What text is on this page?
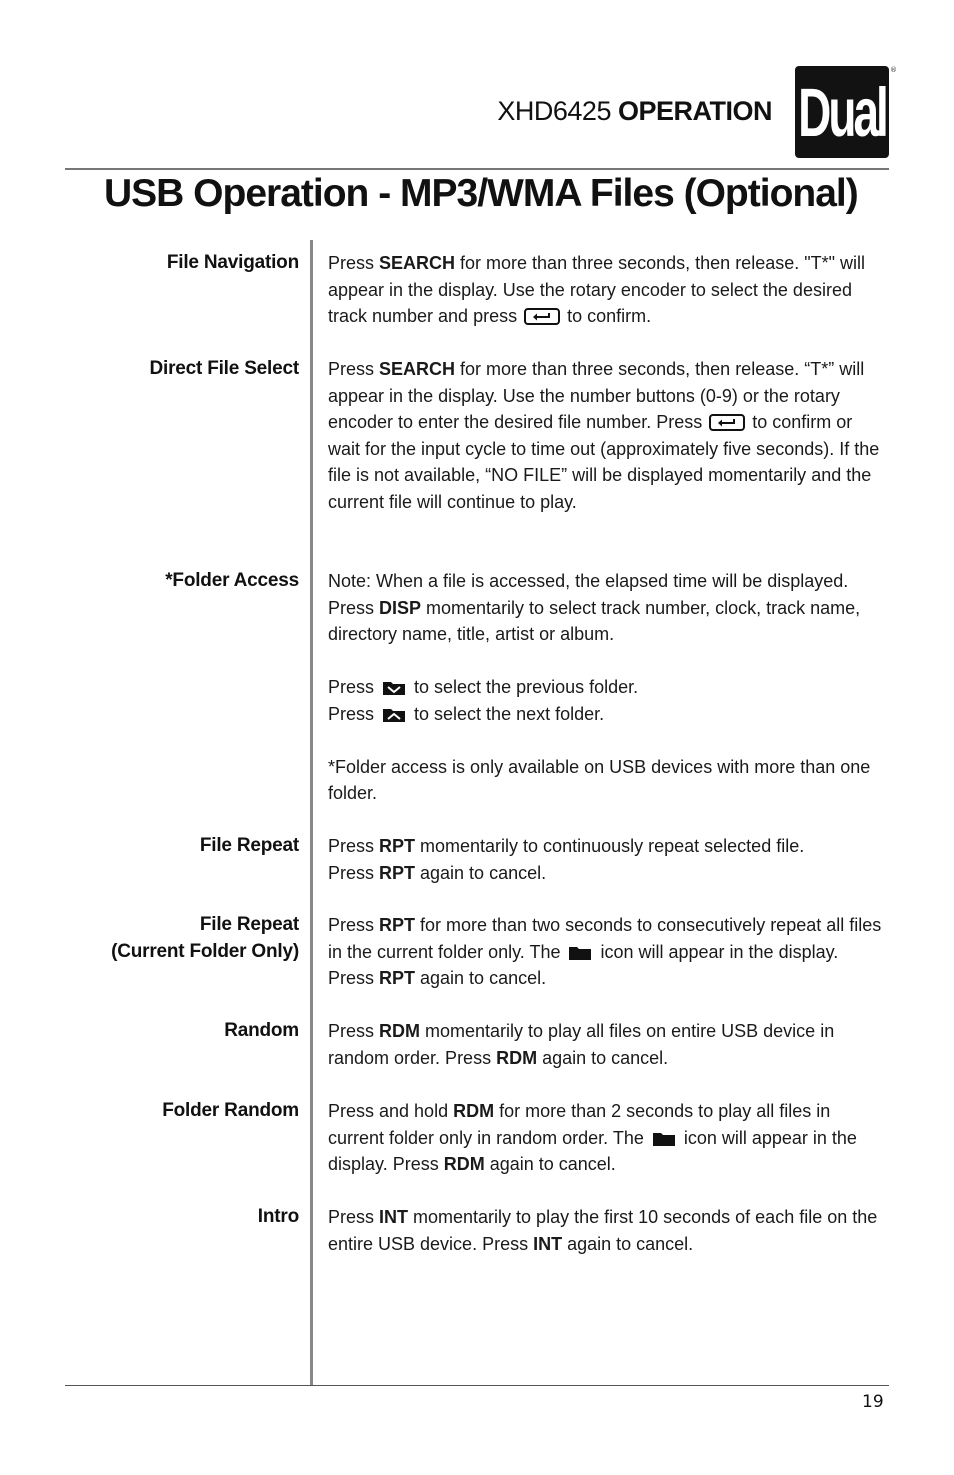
XHD6425 OPERATION Dual
®
USB Operation - MP3/WMA Files (Optional)
File Navigation Press SEARCH for more than three seconds, then release. "T*" will appear in the display. Use the rotary encoder to select the desired track number and press
to confirm.

Direct File Select Press SEARCH for more than three seconds, then release. “T*” will appear in the display. Use the number buttons (0-9) or the rotary encoder to enter the desired file number. Press
to confirm or wait for the input cycle to time out (approximately five seconds). If the file is not available, “NO FILE” will be displayed momentarily and the current file will continue to play.

*Folder Access Note: When a file is accessed, the elapsed time will be displayed. Press DISP momentarily to select track number, clock, track name, directory name, title, artist or album.

Press  to select the previous folder.
Press  to select the next folder.

*Folder access is only available on USB devices with more than one folder.

File Repeat Press RPT momentarily to continuously repeat selected file.
Press RPT again to cancel.

File Repeat
(Current Folder Only)

Press RPT for more than two seconds to consecutively repeat all files in the current folder only. The  icon will appear in the display. Press RPT again to cancel.

Random Press RDM momentarily to play all files on entire USB device in random order. Press RDM again to cancel.

Folder Random Press and hold RDM for more than 2 seconds to play all files in current folder only in random order. The  icon will appear in the display. Press RDM again to cancel.

Intro Press INT momentarily to play the first 10 seconds of each file on the entire USB device. Press INT again to cancel.

19
